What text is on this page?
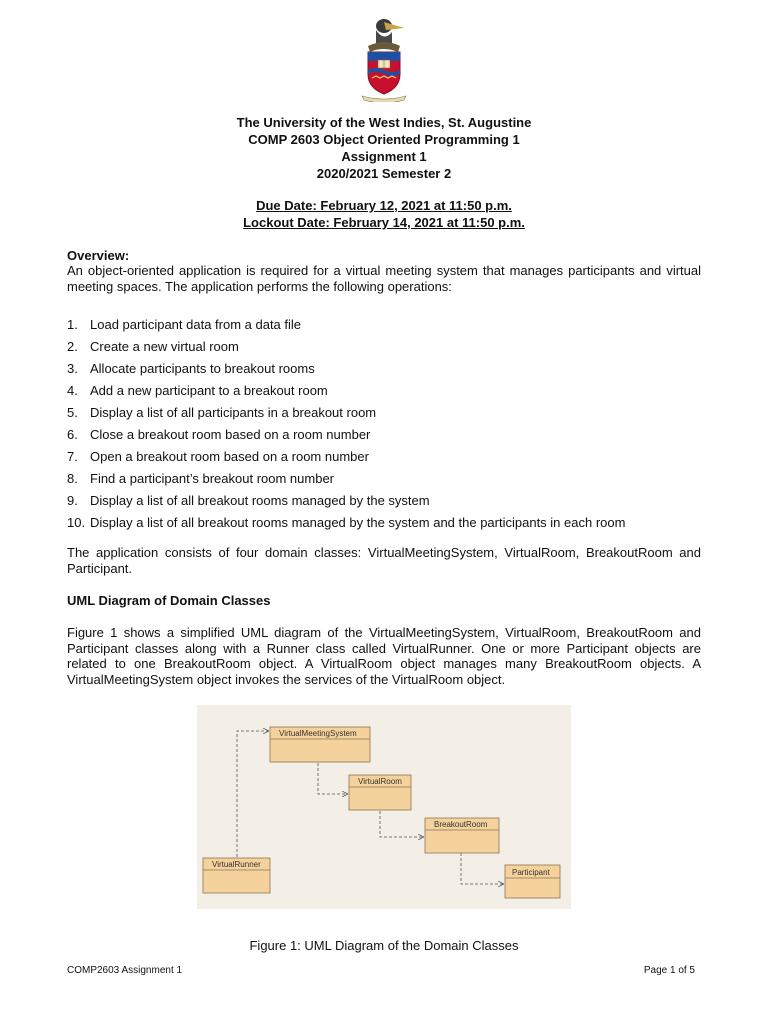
The University of the West Indies, St. Augustine
COMP 2603 Object Oriented Programming 1
Assignment 1
2020/2021 Semester 2
Due Date: February 12, 2021 at 11:50 p.m.
Lockout Date: February 14, 2021 at 11:50 p.m.
Overview:
An object-oriented application is required for a virtual meeting system that manages participants and virtual meeting spaces. The application performs the following operations:
1. Load participant data from a data file
2. Create a new virtual room
3. Allocate participants to breakout rooms
4. Add a new participant to a breakout room
5. Display a list of all participants in a breakout room
6. Close a breakout room based on a room number
7. Open a breakout room based on a room number
8. Find a participant’s breakout room number
9. Display a list of all breakout rooms managed by the system
10. Display a list of all breakout rooms managed by the system and the participants in each room
The application consists of four domain classes: VirtualMeetingSystem, VirtualRoom, BreakoutRoom and Participant.
UML Diagram of Domain Classes
Figure 1 shows a simplified UML diagram of the VirtualMeetingSystem, VirtualRoom, BreakoutRoom and Participant classes along with a Runner class called VirtualRunner. One or more Participant objects are related to one BreakoutRoom object. A VirtualRoom object manages many BreakoutRoom objects. A VirtualMeetingSystem object invokes the services of the VirtualRoom object.
VirtualMeetingSystem
VirtualRoom
BreakoutRoom
Participant
VirtualRunner
Figure 1: UML Diagram of the Domain Classes
COMP2603 Assignment 1	Page 1 of 5
